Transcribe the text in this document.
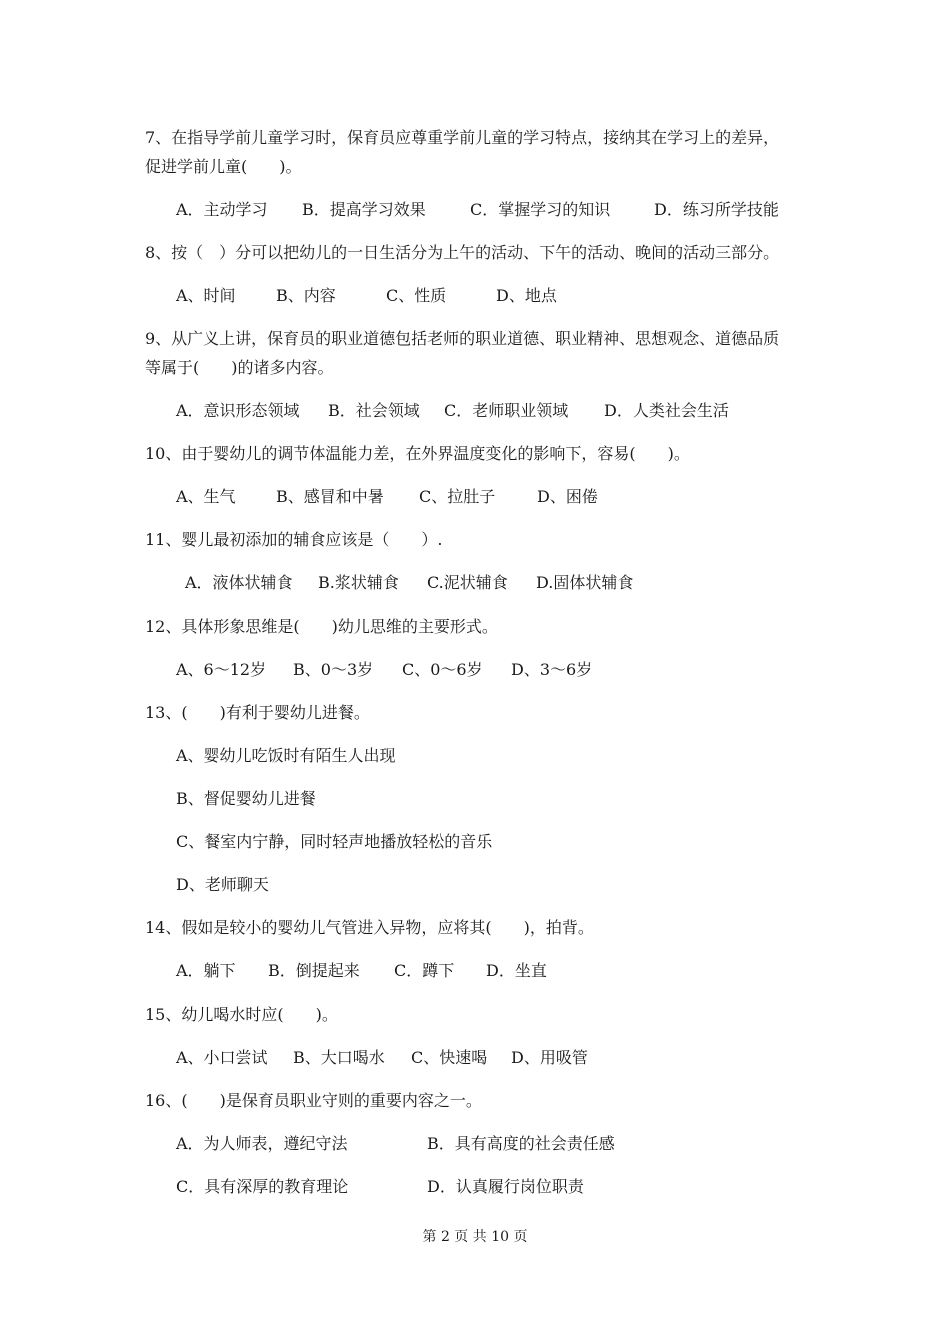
7、在指导学前儿童学习时，保育员应尊重学前儿童的学习特点，接纳其在学习上的差异，
促进学前儿童(　　)。

A．主动学习

B．提高学习效果

	C．掌握学习的知识

	D．练习所学技能

8、按（　）分可以把幼儿的一日生活分为上午的活动、下午的活动、晚间的活动三部分。

A、时间

	B、内容

	C、性质

	D、地点

9、从广义上讲，保育员的职业道德包括老师的职业道德、职业精神、思想观念、道德品质
等属于(　　)的诸多内容。

A．意识形态领域

B．社会领域

C．老师职业领域

D．人类社会生活

10、由于婴幼儿的调节体温能力差，在外界温度变化的影响下，容易(　　)。

A、生气

	B、感冒和中暑

C、拉肚子

	D、困倦

11、婴儿最初添加的辅食应该是（　　）.

A．液体状辅食

B.浆状辅食

C.泥状辅食

D.固体状辅食

12、具体形象思维是(　　)幼儿思维的主要形式。

A、6～12岁

B、0～3岁

C、0～6岁

D、3～6岁

13、(　　)有利于婴幼儿进餐。
A、婴幼儿吃饭时有陌生人出现
B、督促婴幼儿进餐
C、餐室内宁静，同时轻声地播放轻松的音乐
D、老师聊天
14、假如是较小的婴幼儿气管进入异物，应将其(　　)，拍背。

A．躺下

B．倒提起来

C．蹲下

D．坐直

15、幼儿喝水时应(　　)。

A、小口尝试

B、大口喝水

C、快速喝

D、用吸管

16、(　　)是保育员职业守则的重要内容之一。

A．为人师表，遵纪守法

	B．具有高度的社会责任感

C．具有深厚的教育理论

	D．认真履行岗位职责

第 2 页 共 10 页
